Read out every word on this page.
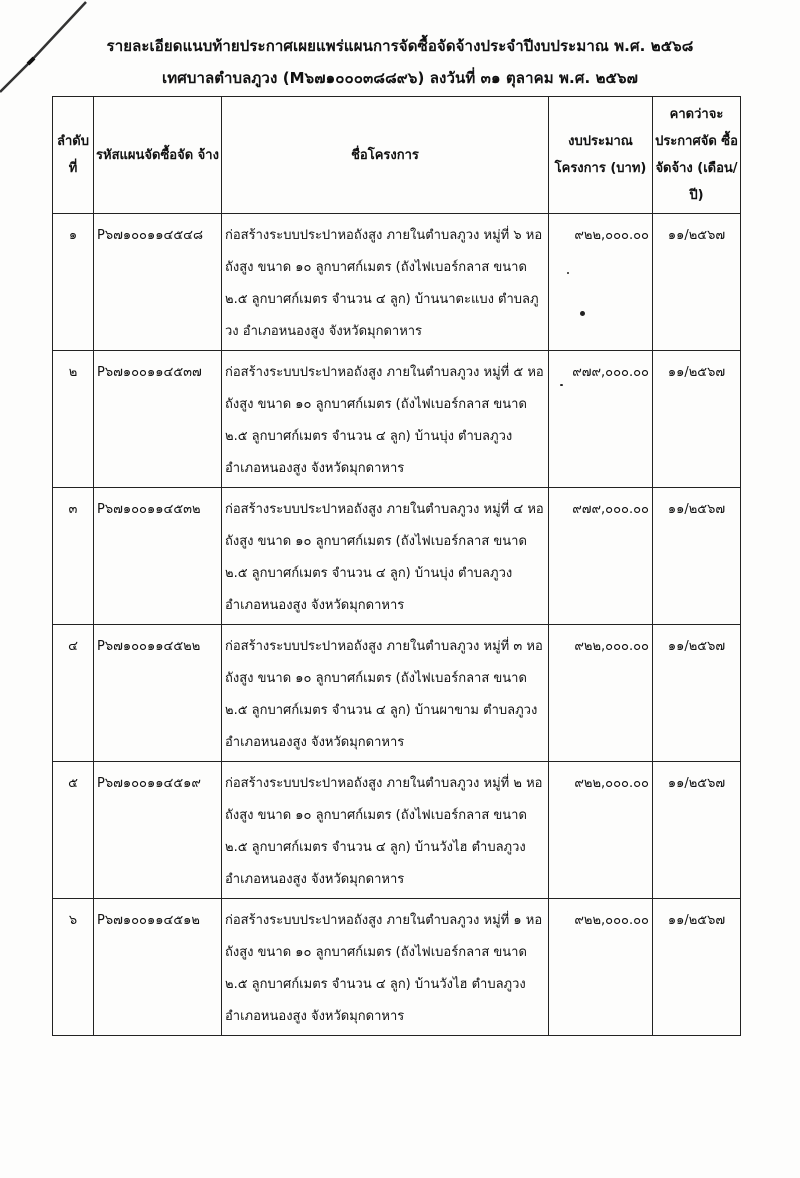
รายละเอียดแนบท้ายประกาศเผยแพร่แผนการจัดซื้อจัดจ้างประจำปีงบประมาณ พ.ศ. ๒๕๖๘
เทศบาลตำบลภูวง (M๖๗๑๐๐๐๓๘๘๙๖) ลงวันที่ ๓๑ ตุลาคม พ.ศ. ๒๕๖๗
ลำดับ ที่	รหัสแผนจัดซื้อจัด จ้าง	ชื่อโครงการ	งบประมาณ โครงการ (บาท)	คาดว่าจะ ประกาศจัด ซื้อจัดจ้าง (เดือน/ปี)
๑	P๖๗๑๐๐๑๑๔๕๔๘	ก่อสร้างระบบประปาหอถังสูง ภายในตำบลภูวง หมู่ที่ ๖ หอถังสูง ขนาด ๑๐ ลูกบาศก์เมตร (ถังไฟเบอร์กลาส ขนาด ๒.๕ ลูกบาศก์เมตร จำนวน ๔ ลูก) บ้านนาตะแบง ตำบลภูวง อำเภอหนองสูง จังหวัดมุกดาหาร	๙๒๒,๐๐๐.๐๐	๑๑/๒๕๖๗
๒	P๖๗๑๐๐๑๑๔๕๓๗	ก่อสร้างระบบประปาหอถังสูง ภายในตำบลภูวง หมู่ที่ ๕ หอถังสูง ขนาด ๑๐ ลูกบาศก์เมตร (ถังไฟเบอร์กลาส ขนาด ๒.๕ ลูกบาศก์เมตร จำนวน ๔ ลูก) บ้านบุ่ง ตำบลภูวง อำเภอหนองสูง จังหวัดมุกดาหาร	๙๗๙,๐๐๐.๐๐	๑๑/๒๕๖๗
๓	P๖๗๑๐๐๑๑๔๕๓๒	ก่อสร้างระบบประปาหอถังสูง ภายในตำบลภูวง หมู่ที่ ๔ หอถังสูง ขนาด ๑๐ ลูกบาศก์เมตร (ถังไฟเบอร์กลาส ขนาด ๒.๕ ลูกบาศก์เมตร จำนวน ๔ ลูก) บ้านบุ่ง ตำบลภูวง อำเภอหนองสูง จังหวัดมุกดาหาร	๙๗๙,๐๐๐.๐๐	๑๑/๒๕๖๗
๔	P๖๗๑๐๐๑๑๔๕๒๒	ก่อสร้างระบบประปาหอถังสูง ภายในตำบลภูวง หมู่ที่ ๓ หอถังสูง ขนาด ๑๐ ลูกบาศก์เมตร (ถังไฟเบอร์กลาส ขนาด ๒.๕ ลูกบาศก์เมตร จำนวน ๔ ลูก) บ้านผาขาม ตำบลภูวง อำเภอหนองสูง จังหวัดมุกดาหาร	๙๒๒,๐๐๐.๐๐	๑๑/๒๕๖๗
๕	P๖๗๑๐๐๑๑๔๕๑๙	ก่อสร้างระบบประปาหอถังสูง ภายในตำบลภูวง หมู่ที่ ๒ หอถังสูง ขนาด ๑๐ ลูกบาศก์เมตร (ถังไฟเบอร์กลาส ขนาด ๒.๕ ลูกบาศก์เมตร จำนวน ๔ ลูก) บ้านวังไฮ ตำบลภูวง อำเภอหนองสูง จังหวัดมุกดาหาร	๙๒๒,๐๐๐.๐๐	๑๑/๒๕๖๗
๖	P๖๗๑๐๐๑๑๔๕๑๒	ก่อสร้างระบบประปาหอถังสูง ภายในตำบลภูวง หมู่ที่ ๑ หอถังสูง ขนาด ๑๐ ลูกบาศก์เมตร (ถังไฟเบอร์กลาส ขนาด ๒.๕ ลูกบาศก์เมตร จำนวน ๔ ลูก) บ้านวังไฮ ตำบลภูวง อำเภอหนองสูง จังหวัดมุกดาหาร	๙๒๒,๐๐๐.๐๐	๑๑/๒๕๖๗
